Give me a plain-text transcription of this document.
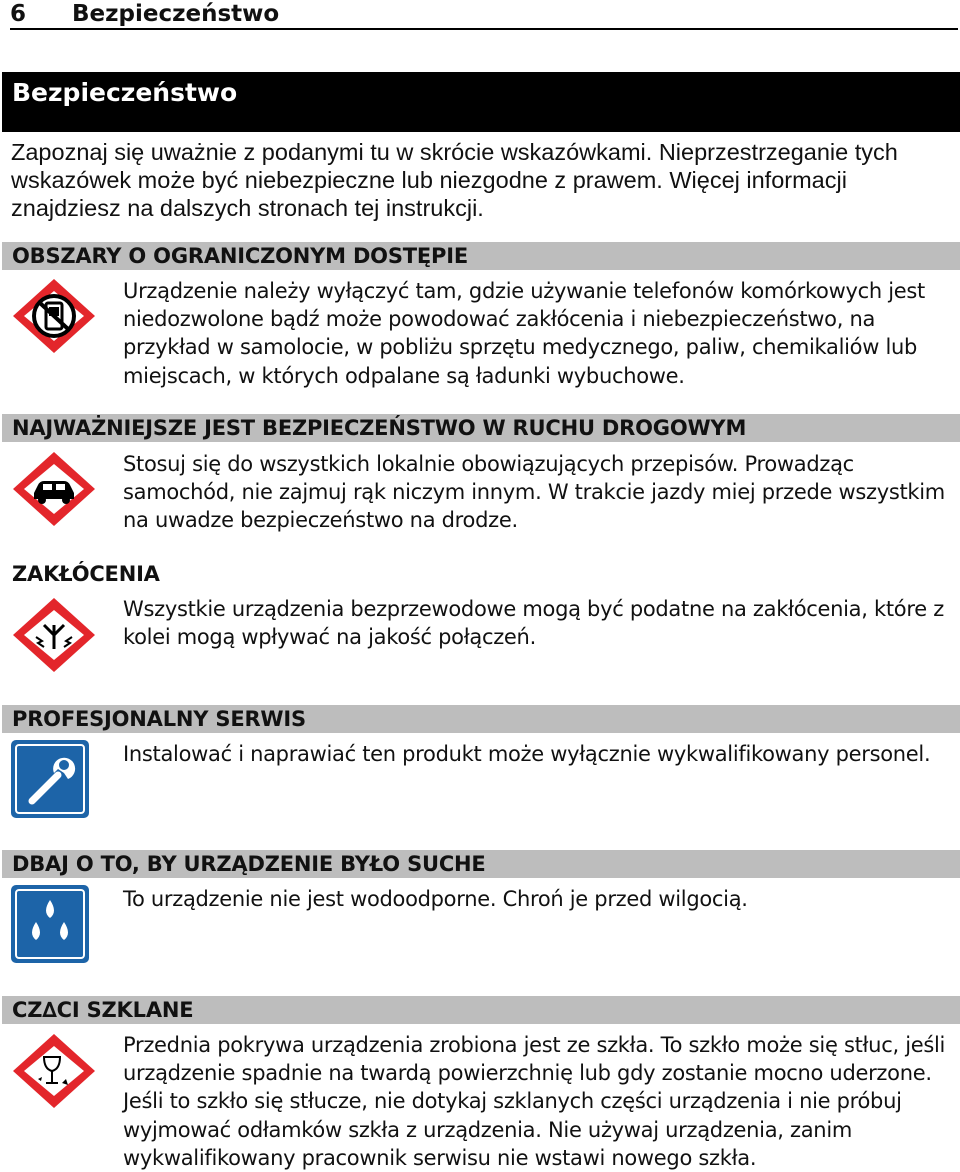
6 Bezpieczeństwo
Bezpieczeństwo
Zapoznaj się uważnie z podanymi tu w skrócie wskazówkami. Nieprzestrzeganie tych wskazówek może być niebezpieczne lub niezgodne z prawem. Więcej informacji znajdziesz na dalszych stronach tej instrukcji.
OBSZARY O OGRANICZONYM DOSTĘPIE
Urządzenie należy wyłączyć tam, gdzie używanie telefonów komórkowych jest niedozwolone bądź może powodować zakłócenia i niebezpieczeństwo, na przykład w samolocie, w pobliżu sprzętu medycznego, paliw, chemikaliów lub miejscach, w których odpalane są ładunki wybuchowe.
NAJWAŻNIEJSZE JEST BEZPIECZEŃSTWO W RUCHU DROGOWYM
Stosuj się do wszystkich lokalnie obowiązujących przepisów. Prowadząc samochód, nie zajmuj rąk niczym innym. W trakcie jazdy miej przede wszystkim na uwadze bezpieczeństwo na drodze.
ZAKŁÓCENIA
Wszystkie urządzenia bezprzewodowe mogą być podatne na zakłócenia, które z kolei mogą wpływać na jakość połączeń.
PROFESJONALNY SERWIS
Instalować i naprawiać ten produkt może wyłącznie wykwalifikowany personel.
DBAJ O TO, BY URZĄDZENIE BYŁO SUCHE
To urządzenie nie jest wodoodporne. Chroń je przed wilgocią.
CZ∆CI SZKLANE
Przednia pokrywa urządzenia zrobiona jest ze szkła. To szkło może się stłuc, jeśli urządzenie spadnie na twardą powierzchnię lub gdy zostanie mocno uderzone. Jeśli to szkło się stłucze, nie dotykaj szklanych części urządzenia i nie próbuj wyjmować odłamków szkła z urządzenia. Nie używaj urządzenia, zanim wykwalifikowany pracownik serwisu nie wstawi nowego szkła.
